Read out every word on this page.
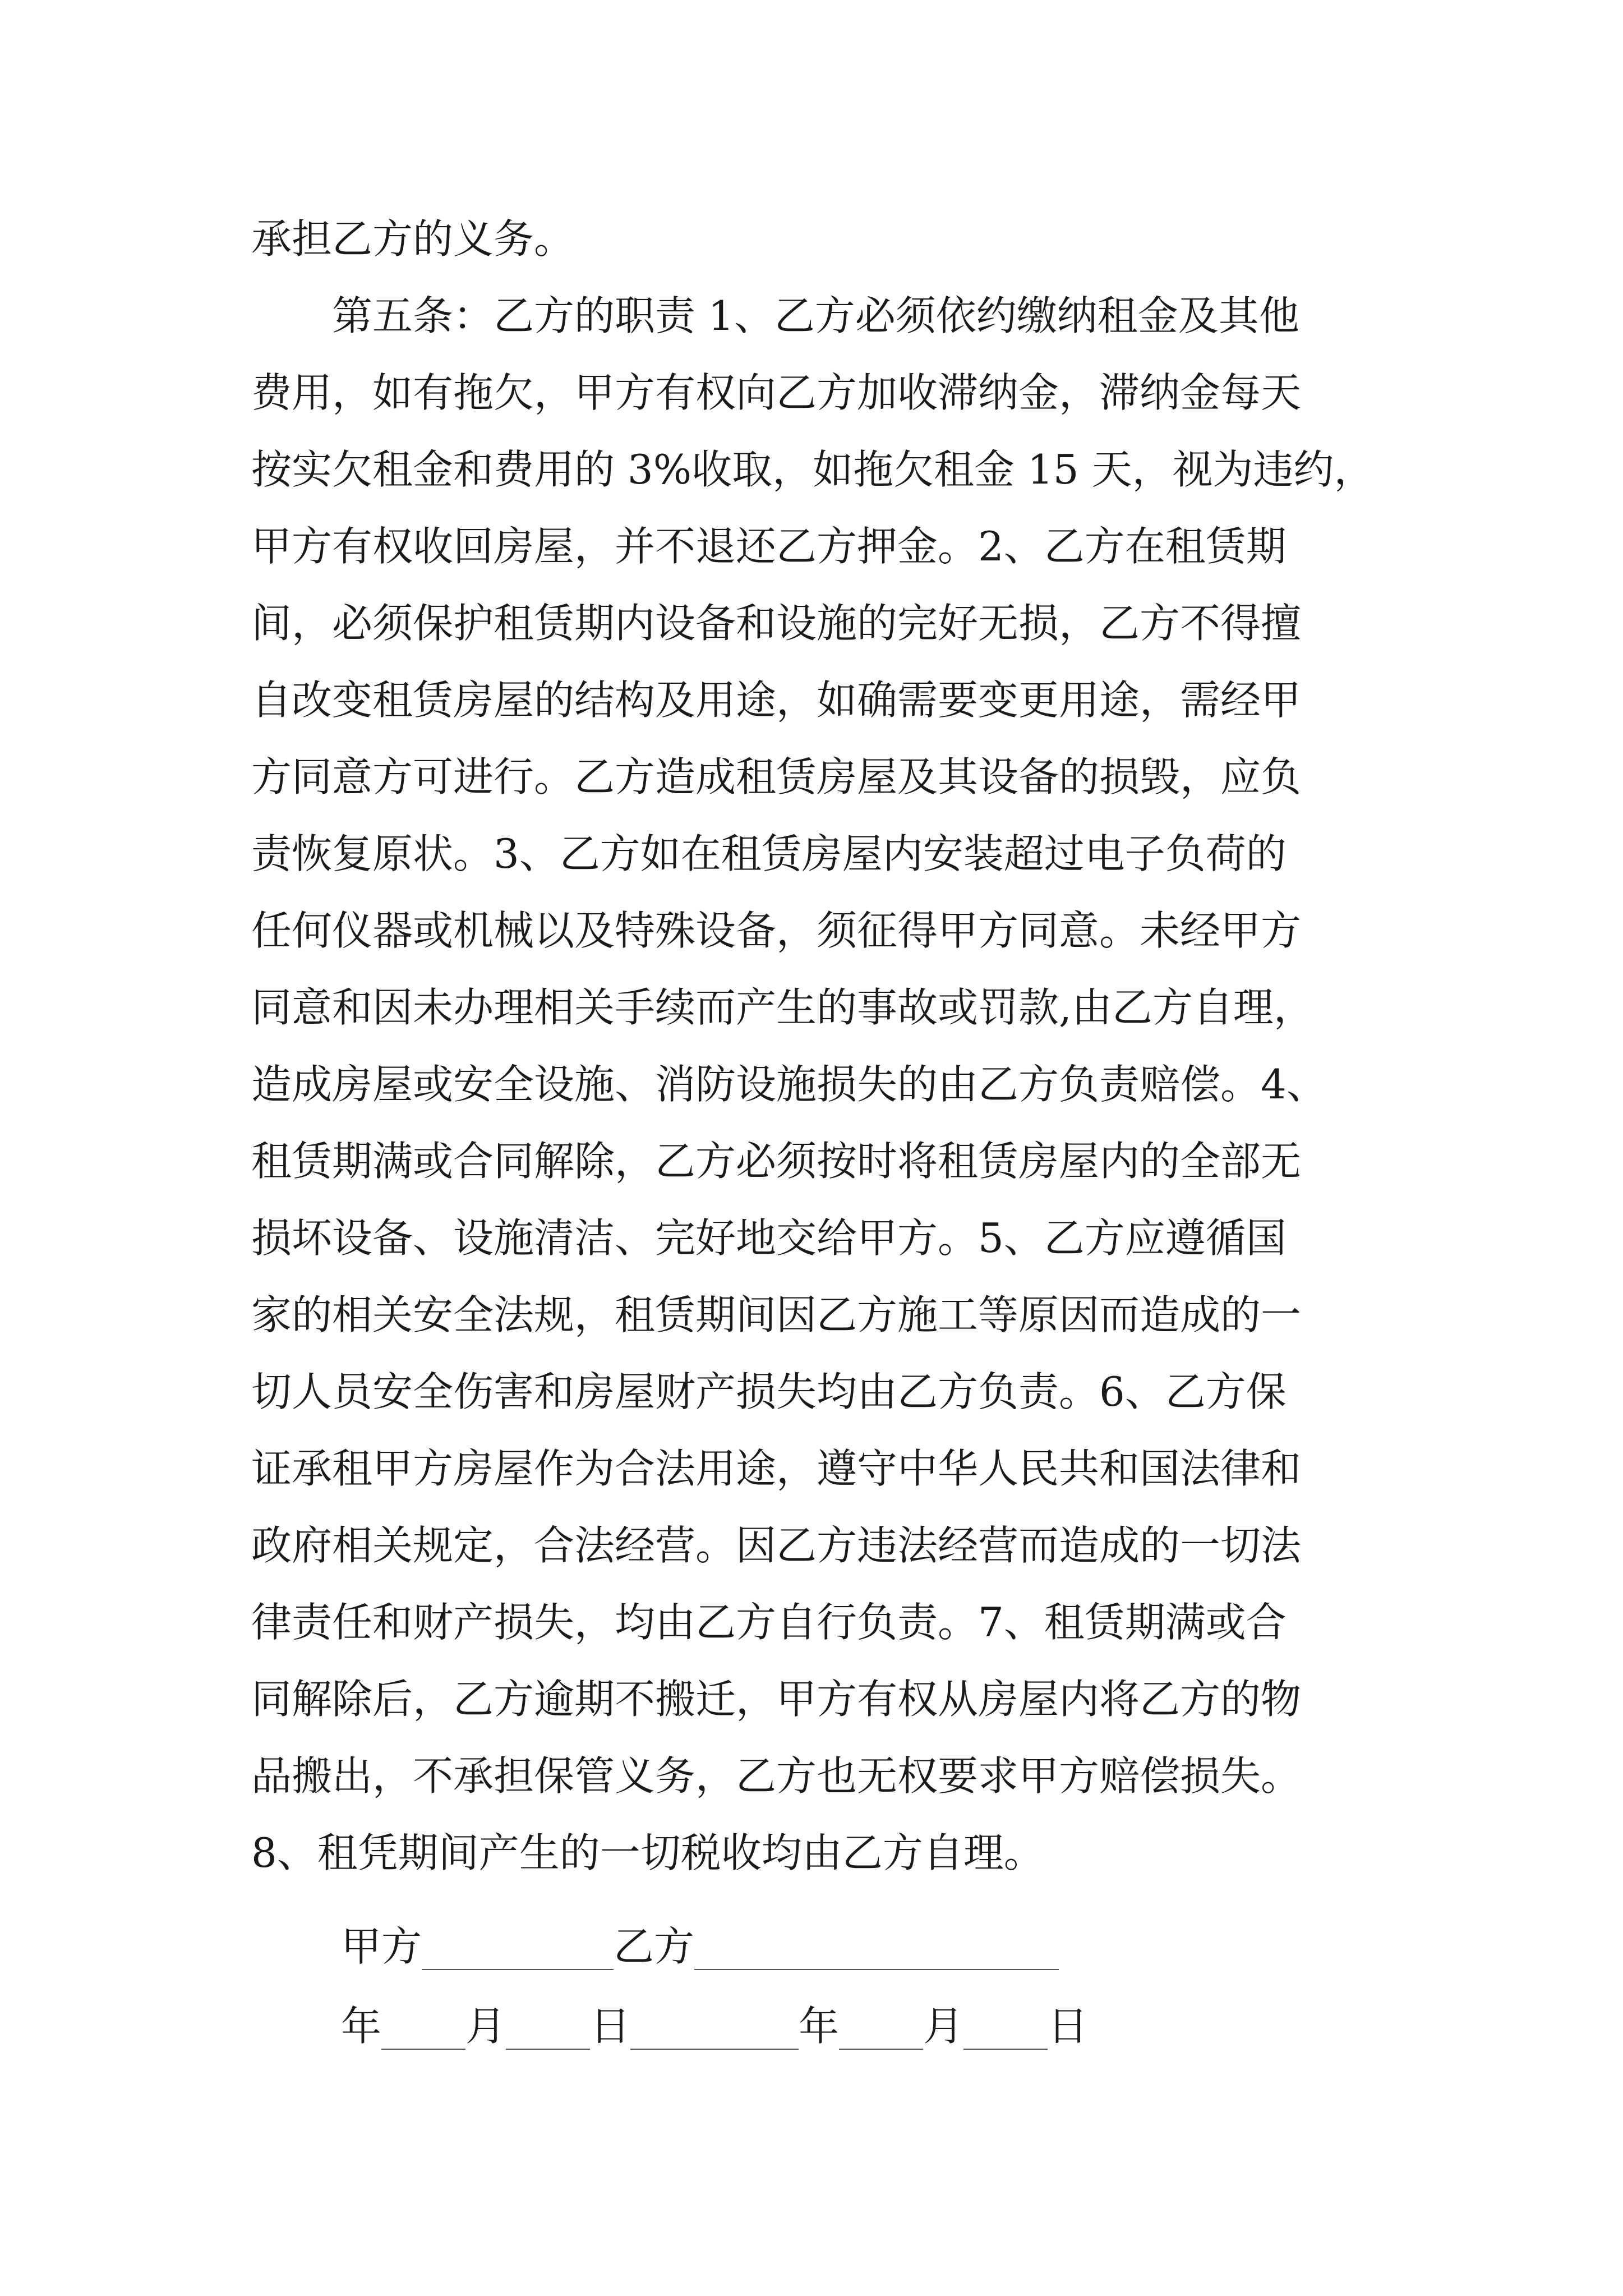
承担乙方的义务。
　　第五条：乙方的职责 1、乙方必须依约缴纳租金及其他
费用，如有拖欠，甲方有权向乙方加收滞纳金，滞纳金每天
按实欠租金和费用的 3%收取，如拖欠租金 15 天，视为违约，
甲方有权收回房屋，并不退还乙方押金。2、乙方在租赁期
间，必须保护租赁期内设备和设施的完好无损，乙方不得擅
自改变租赁房屋的结构及用途，如确需要变更用途，需经甲
方同意方可进行。乙方造成租赁房屋及其设备的损毁，应负
责恢复原状。3、乙方如在租赁房屋内安装超过电子负荷的
任何仪器或机械以及特殊设备，须征得甲方同意。未经甲方
同意和因未办理相关手续而产生的事故或罚款,由乙方自理，
造成房屋或安全设施、消防设施损失的由乙方负责赔偿。4、
租赁期满或合同解除，乙方必须按时将租赁房屋内的全部无
损坏设备、设施清洁、完好地交给甲方。5、乙方应遵循国
家的相关安全法规，租赁期间因乙方施工等原因而造成的一
切人员安全伤害和房屋财产损失均由乙方负责。6、乙方保
证承租甲方房屋作为合法用途，遵守中华人民共和国法律和
政府相关规定，合法经营。因乙方违法经营而造成的一切法
律责任和财产损失，均由乙方自行负责。7、租赁期满或合
同解除后，乙方逾期不搬迁，甲方有权从房屋内将乙方的物
品搬出，不承担保管义务，乙方也无权要求甲方赔偿损失。
8、租凭期间产生的一切税收均由乙方自理。
甲方	乙方
年 月 日	年 月 日
